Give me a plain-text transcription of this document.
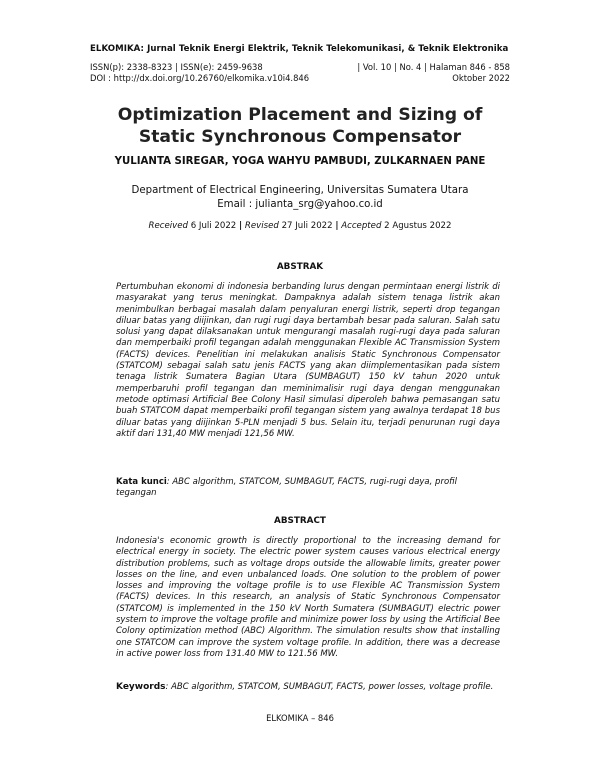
ELKOMIKA: Jurnal Teknik Energi Elektrik, Teknik Telekomunikasi, & Teknik Elektronika
ISSN(p): 2338-8323 | ISSN(e): 2459-9638	| Vol. 10 | No. 4 | Halaman 846 - 858
DOI : http://dx.doi.org/10.26760/elkomika.v10i4.846	Oktober 2022
Optimization Placement and Sizing of Static Synchronous Compensator
YULIANTA SIREGAR, YOGA WAHYU PAMBUDI, ZULKARNAEN PANE
Department of Electrical Engineering, Universitas Sumatera Utara
Email : julianta_srg@yahoo.co.id
Received 6 Juli 2022 | Revised 27 Juli 2022 | Accepted 2 Agustus 2022
ABSTRAK
Pertumbuhan ekonomi di indonesia berbanding lurus dengan permintaan energi listrik di masyarakat yang terus meningkat. Dampaknya adalah sistem tenaga listrik akan menimbulkan berbagai masalah dalam penyaluran energi listrik, seperti drop tegangan diluar batas yang diijinkan, dan rugi rugi daya bertambah besar pada saluran. Salah satu solusi yang dapat dilaksanakan untuk mengurangi masalah rugi-rugi daya pada saluran dan memperbaiki profil tegangan adalah menggunakan Flexible AC Transmission System (FACTS) devices. Penelitian ini melakukan analisis Static Synchronous Compensator (STATCOM) sebagai salah satu jenis FACTS yang akan diimplementasikan pada sistem tenaga listrik Sumatera Bagian Utara (SUMBAGUT) 150 kV tahun 2020 untuk memperbaruhi profil tegangan dan meminimalisir rugi daya dengan menggunakan metode optimasi Artificial Bee Colony Hasil simulasi diperoleh bahwa pemasangan satu buah STATCOM dapat memperbaiki profil tegangan sistem yang awalnya terdapat 18 bus diluar batas yang diijinkan 5-PLN menjadi 5 bus. Selain itu, terjadi penurunan rugi daya aktif dari 131,40 MW menjadi 121,56 MW.
Kata kunci: ABC algorithm, STATCOM, SUMBAGUT, FACTS, rugi-rugi daya, profil tegangan
ABSTRACT
Indonesia's economic growth is directly proportional to the increasing demand for electrical energy in society. The electric power system causes various electrical energy distribution problems, such as voltage drops outside the allowable limits, greater power losses on the line, and even unbalanced loads. One solution to the problem of power losses and improving the voltage profile is to use Flexible AC Transmission System (FACTS) devices. In this research, an analysis of Static Synchronous Compensator (STATCOM) is implemented in the 150 kV North Sumatera (SUMBAGUT) electric power system to improve the voltage profile and minimize power loss by using the Artificial Bee Colony optimization method (ABC) Algorithm. The simulation results show that installing one STATCOM can improve the system voltage profile. In addition, there was a decrease in active power loss from 131.40 MW to 121.56 MW.
Keywords: ABC algorithm, STATCOM, SUMBAGUT, FACTS, power losses, voltage profile.
ELKOMIKA – 846
